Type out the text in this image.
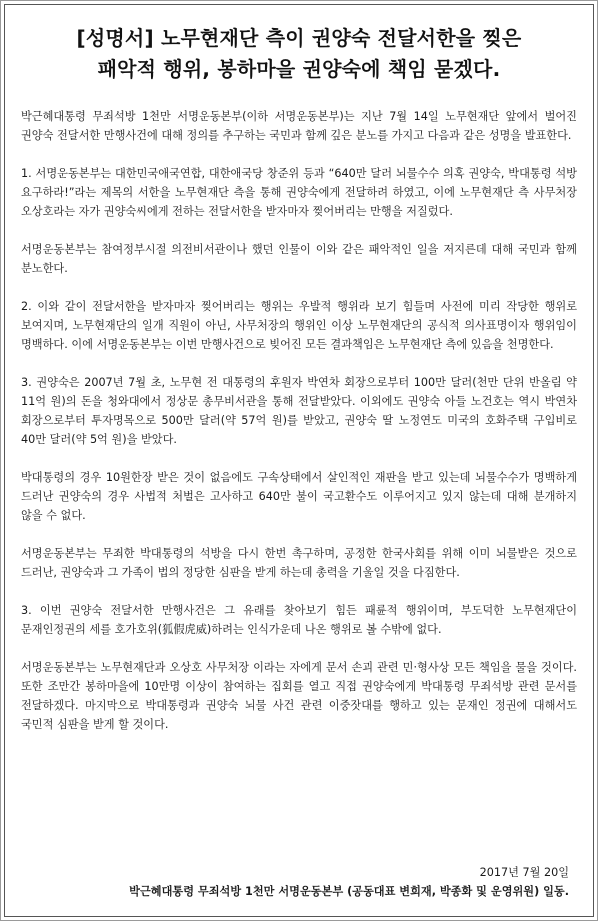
[성명서] 노무현재단 측이 권양숙 전달서한을 찢은
패악적 행위, 봉하마을 권양숙에 책임 묻겠다.

박근혜대통령 무죄석방 1천만 서명운동본부(이하 서명운동본부)는 지난 7월 14일 노무현재단 앞에서 벌어진 권양숙 전달서한 만행사건에 대해 정의를 추구하는 국민과 함께 깊은 분노를 가지고 다음과 같은 성명을 발표한다.

1. 서명운동본부는 대한민국애국연합, 대한애국당 창준위 등과 “640만 달러 뇌물수수 의혹 권양숙, 박대통령 석방 요구하라!”라는 제목의 서한을 노무현재단 측을 통해 권양숙에게 전달하려 하였고, 이에 노무현재단 측 사무처장 오상호라는 자가 권양숙씨에게 전하는 전달서한을 받자마자 찢어버리는 만행을 저질렀다.

서명운동본부는 참여정부시절 의전비서관이나 했던 인물이 이와 같은 패악적인 일을 저지른데 대해 국민과 함께 분노한다.

2. 이와 같이 전달서한을 받자마자 찢어버리는 행위는 우발적 행위라 보기 힘들며 사전에 미리 작당한 행위로 보여지며, 노무현재단의 일개 직원이 아닌, 사무처장의 행위인 이상 노무현재단의 공식적 의사표명이자 행위임이 명백하다. 이에 서명운동본부는 이번 만행사건으로 빚어진 모든 결과책임은 노무현재단 측에 있음을 천명한다.

3. 권양숙은 2007년 7월 초, 노무현 전 대통령의 후원자 박연차 회장으로부터 100만 달러(천만 단위 반올림 약 11억 원)의 돈을 청와대에서 정상문 총무비서관을 통해 전달받았다. 이외에도 권양숙 아들 노건호는 역시 박연차 회장으로부터 투자명목으로 500만 달러(약 57억 원)를 받았고, 권양숙 딸 노정연도 미국의 호화주택 구입비로 40만 달러(약 5억 원)을 받았다.

박대통령의 경우 10원한장 받은 것이 없음에도 구속상태에서 살인적인 재판을 받고 있는데 뇌물수수가 명백하게 드러난 권양숙의 경우 사법적 처벌은 고사하고 640만 불이 국고환수도 이루어지고 있지 않는데 대해 분개하지 않을 수 없다.

서명운동본부는 무죄한 박대통령의 석방을 다시 한번 촉구하며, 공정한 한국사회를 위해 이미 뇌물받은 것으로 드러난, 권양숙과 그 가족이 법의 정당한 심판을 받게 하는데 총력을 기울일 것을 다짐한다.

3. 이번 권양숙 전달서한 만행사건은 그 유래를 찾아보기 힘든 패륜적 행위이며, 부도덕한 노무현재단이 문재인정권의 세를 호가호위(狐假虎威)하려는 인식가운데 나온 행위로 볼 수밖에 없다.

서명운동본부는 노무현재단과 오상호 사무처장 이라는 자에게 문서 손괴 관련 민·형사상 모든 책임을 물을 것이다. 또한 조만간 봉하마을에 10만명 이상이 참여하는 집회를 열고 직접 권양숙에게 박대통령 무죄석방 관련 문서를 전달하겠다. 마지막으로 박대통령과 권양숙 뇌물 사건 관련 이중잣대를 행하고 있는 문재인 정권에 대해서도 국민적 심판을 받게 할 것이다.

2017년 7월 20일
박근혜대통령 무죄석방 1천만 서명운동본부 (공동대표 변희재, 박종화 및 운영위원) 일동.
